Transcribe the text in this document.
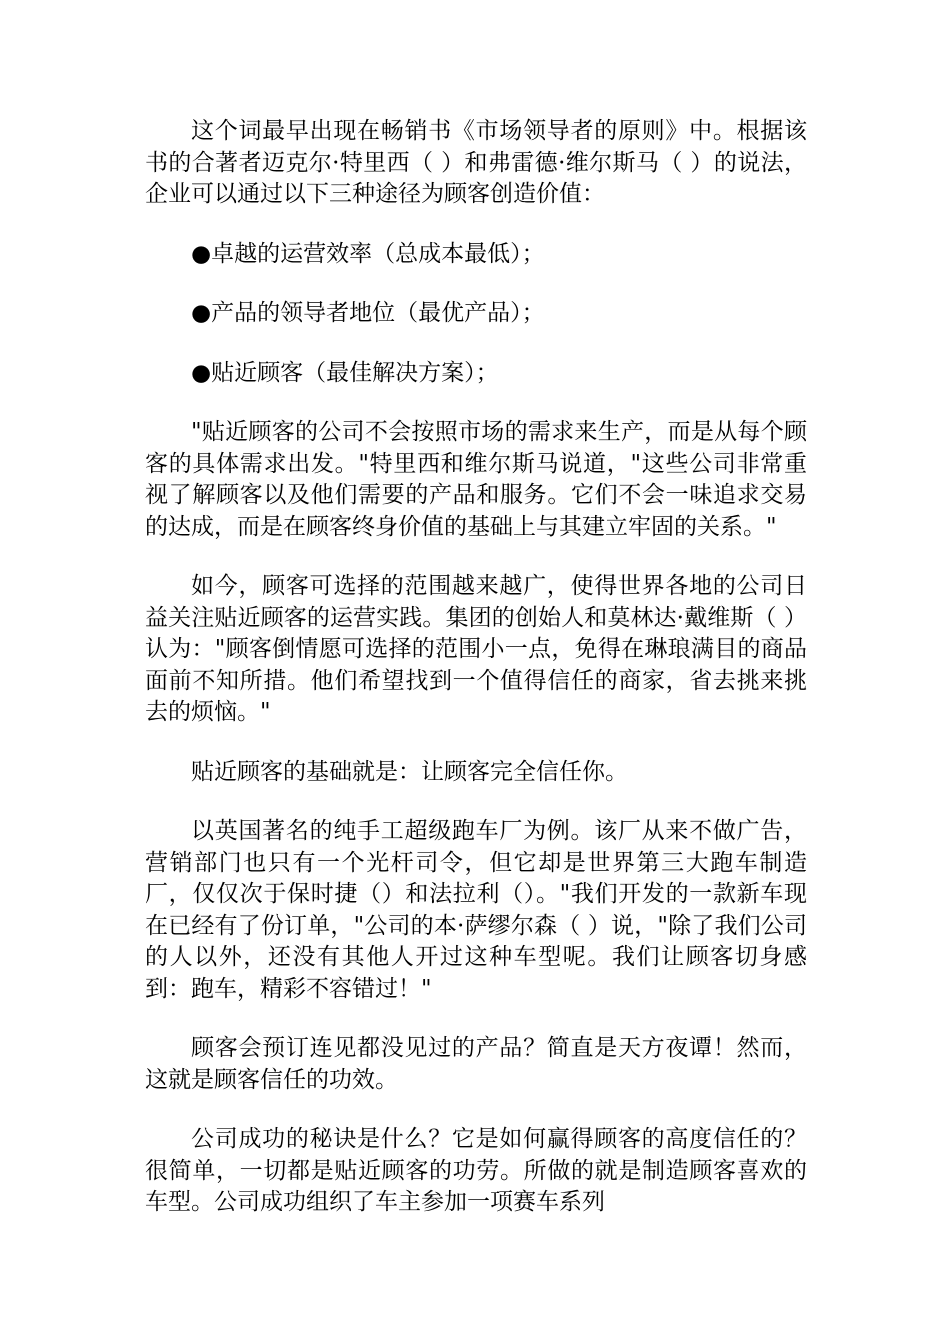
这个词最早出现在畅销书《市场领导者的原则》中。根据该书的合著者迈克尔·特里西（ ）和弗雷德·维尔斯马（ ）的说法，企业可以通过以下三种途径为顾客创造价值：

●卓越的运营效率（总成本最低）；

●产品的领导者地位（最优产品）；

●贴近顾客（最佳解决方案）；

"贴近顾客的公司不会按照市场的需求来生产，而是从每个顾客的具体需求出发。"特里西和维尔斯马说道，"这些公司非常重视了解顾客以及他们需要的产品和服务。它们不会一味追求交易的达成，而是在顾客终身价值的基础上与其建立牢固的关系。"

如今，顾客可选择的范围越来越广，使得世界各地的公司日益关注贴近顾客的运营实践。集团的创始人和莫林达·戴维斯（ ）认为："顾客倒情愿可选择的范围小一点，免得在琳琅满目的商品面前不知所措。他们希望找到一个值得信任的商家，省去挑来挑去的烦恼。"

贴近顾客的基础就是：让顾客完全信任你。

以英国著名的纯手工超级跑车厂为例。该厂从来不做广告，营销部门也只有一个光杆司令，但它却是世界第三大跑车制造厂，仅仅次于保时捷（）和法拉利（）。"我们开发的一款新车现在已经有了份订单，"公司的本·萨缪尔森（ ）说，"除了我们公司的人以外，还没有其他人开过这种车型呢。我们让顾客切身感到：跑车，精彩不容错过！"

顾客会预订连见都没见过的产品？简直是天方夜谭！然而，这就是顾客信任的功效。

公司成功的秘诀是什么？它是如何赢得顾客的高度信任的？很简单，一切都是贴近顾客的功劳。所做的就是制造顾客喜欢的车型。公司成功组织了车主参加一项赛车系列
